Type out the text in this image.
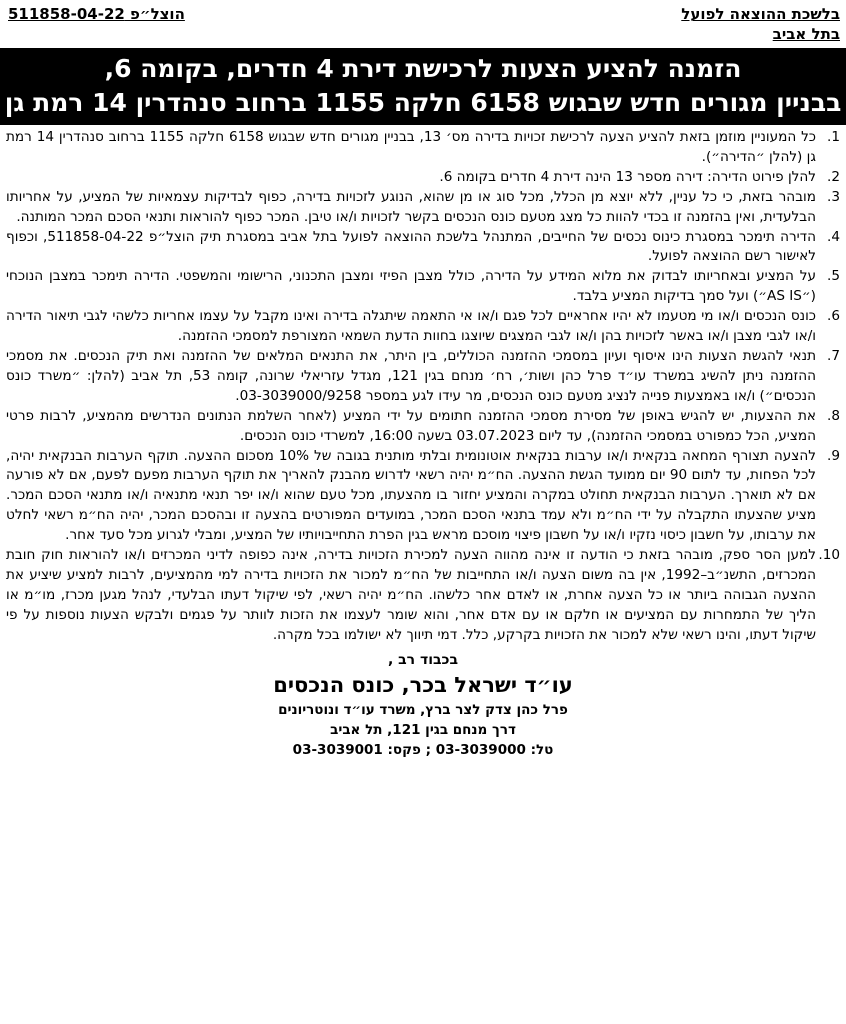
בלשכת ההוצאה לפועל
בתל אביב
הוצל״פ 511858-04-22
הזמנה להציע הצעות לרכישת דירת 4 חדרים, בקומה 6,
בבניין מגורים חדש שבגוש 6158 חלקה 1155 ברחוב סנהדרין 14 רמת גן
1.
כל המעוניין מוזמן בזאת להציע הצעה לרכישת זכויות בדירה מס׳ 13, בבניין מגורים חדש שבגוש 6158 חלקה 1155 ברחוב סנהדרין 14 רמת גן (להלן ״הדירה״).
2.
להלן פירוט הדירה: דירה מספר 13 הינה דירת 4 חדרים בקומה 6.
3.
מובהר בזאת, כי כל עניין, ללא יוצא מן הכלל, מכל סוג או מן שהוא, הנוגע לזכויות בדירה, כפוף לבדיקות עצמאיות של המציע, על אחריותו הבלעדית, ואין בהזמנה זו בכדי להוות כל מצג מטעם כונס הנכסים בקשר לזכויות ו/או טיבן. המכר כפוף להוראות ותנאי הסכם המכר המותנה.
4.
הדירה תימכר במסגרת כינוס נכסים של החייבים, המתנהל בלשכת ההוצאה לפועל בתל אביב במסגרת תיק הוצל״פ 511858-04-22, וכפוף לאישור רשם ההוצאה לפועל.
5.
על המציע ובאחריותו לבדוק את מלוא המידע על הדירה, כולל מצבן הפיזי ומצבן התכנוני, הרישומי והמשפטי. הדירה תימכר במצבן הנוכחי (״AS IS״) ועל סמך בדיקות המציע בלבד.
6.
כונס הנכסים ו/או מי מטעמו לא יהיו אחראיים לכל פגם ו/או אי התאמה שיתגלה בדירה ואינו מקבל על עצמו אחריות כלשהי לגבי תיאור הדירה ו/או לגבי מצבן ו/או באשר לזכויות בהן ו/או לגבי המצגים שיוצגו בחוות הדעת השמאי המצורפת למסמכי ההזמנה.
7.
תנאי להגשת הצעות הינו איסוף ועיון במסמכי ההזמנה הכוללים, בין היתר, את התנאים המלאים של ההזמנה ואת תיק הנכסים. את מסמכי ההזמנה ניתן להשיג במשרד עו״ד פרל כהן ושות׳, רח׳ מנחם בגין 121, מגדל עזריאלי שרונה, קומה 53, תל אביב (להלן: ״משרד כונס הנכסים״) ו/או באמצעות פנייה לנציג מטעם כונס הנכסים, מר עידו לגע במספר 03-3039000/9258.
8.
את ההצעות, יש להגיש באופן של מסירת מסמכי ההזמנה חתומים על ידי המציע (לאחר השלמת הנתונים הנדרשים מהמציע, לרבות פרטי המציע, הכל כמפורט במסמכי ההזמנה), עד ליום 03.07.2023 בשעה 16:00, למשרדי כונס הנכסים.
9.
להצעה תצורף המחאה בנקאית ו/או ערבות בנקאית אוטונומית ובלתי מותנית בגובה של 10% מסכום ההצעה. תוקף הערבות הבנקאית יהיה, לכל הפחות, עד לתום 90 יום ממועד הגשת ההצעה. הח״מ יהיה רשאי לדרוש מהבנק להאריך את תוקף הערבות מפעם לפעם, אם לא פורעה אם לא תוארך. הערבות הבנקאית תחולט במקרה והמציע יחזור בו מהצעתו, מכל טעם שהוא ו/או יפר תנאי מתנאיה ו/או מתנאי הסכם המכר. מציע שהצעתו התקבלה על ידי הח״מ ולא עמד בתנאי הסכם המכר, במועדים המפורטים בהצעה זו ובהסכם המכר, יהיה הח״מ רשאי לחלט את ערבותו, על חשבון כיסוי נזקיו ו/או על חשבון פיצוי מוסכם מראש בגין הפרת התחייבויותיו של המציע, ומבלי לגרוע מכל סעד אחר.
10.
למען הסר ספק, מובהר בזאת כי הודעה זו אינה מהווה הצעה למכירת הזכויות בדירה, אינה כפופה לדיני המכרזים ו/או להוראות חוק חובת המכרזים, התשנ״ב–1992, אין בה משום הצעה ו/או התחייבות של הח״מ למכור את הזכויות בדירה למי מהמציעים, לרבות למציע שיציע את ההצעה הגבוהה ביותר או כל הצעה אחרת, או לאדם אחר כלשהו. הח״מ יהיה רשאי, לפי שיקול דעתו הבלעדי, לנהל מגען מכרז, מו״מ או הליך של התמחרות עם המציעים או חלקם או עם אדם אחר, והוא שומר לעצמו את הזכות לוותר על פגמים ולבקש הצעות נוספות על פי שיקול דעתו, והינו רשאי שלא למכור את הזכויות בקרקע, כלל. דמי תיווך לא ישולמו בכל מקרה.
בכבוד רב ,
עו״ד ישראל בכר, כונס הנכסים
פרל כהן צדק לצר ברץ, משרד עו״ד ונוטריונים
דרך מנחם בגין 121, תל אביב
טל: 03-3039000 ; פקס: 03-3039001
